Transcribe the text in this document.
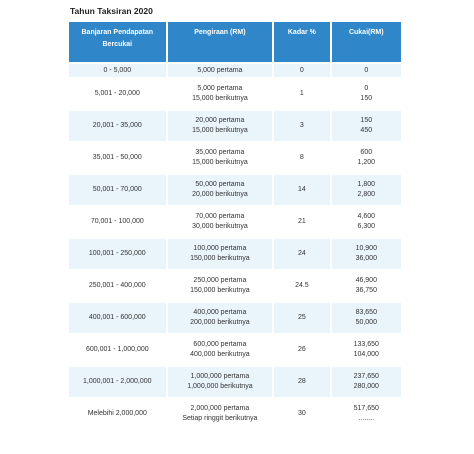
Tahun Taksiran 2020
Banjaran Pendapatan Bercukai	Pengiraan (RM)	Kadar %	Cukai(RM)

0 - 5,000	5,000 pertama	0	0

5,001 - 20,000	5,000 pertama
15,000 berikutnya	1	0
150

20,001 - 35,000	20,000 pertama
15,000 berikutnya	3	150
450

35,001 - 50,000	35,000 pertama
15,000 berikutnya	8	600
1,200

50,001 - 70,000	50,000 pertama
20,000 berikutnya	14	1,800
2,800

70,001 - 100,000	70,000 pertama
30,000 berikutnya	21	4,600
6,300

100,001 - 250,000	100,000 pertama
150,000 berikutnya	24	10,900
36,000

250,001 - 400,000	250,000 pertama
150,000 berikutnya	24.5	46,900
36,750

400,001 - 600,000	400,000 pertama
200,000 berikutnya	25	83,650
50,000

600,001 - 1,000,000	600,000 pertama
400,000 berikutnya	26	133,650
104,000

1,000,001 - 2,000,000	1,000,000 pertama
1,000,000 berikutnya	28	237,650
280,000

Melebihi 2,000,000	2,000,000 pertama
Setiap ringgit berikutnya	30	517,650
........
